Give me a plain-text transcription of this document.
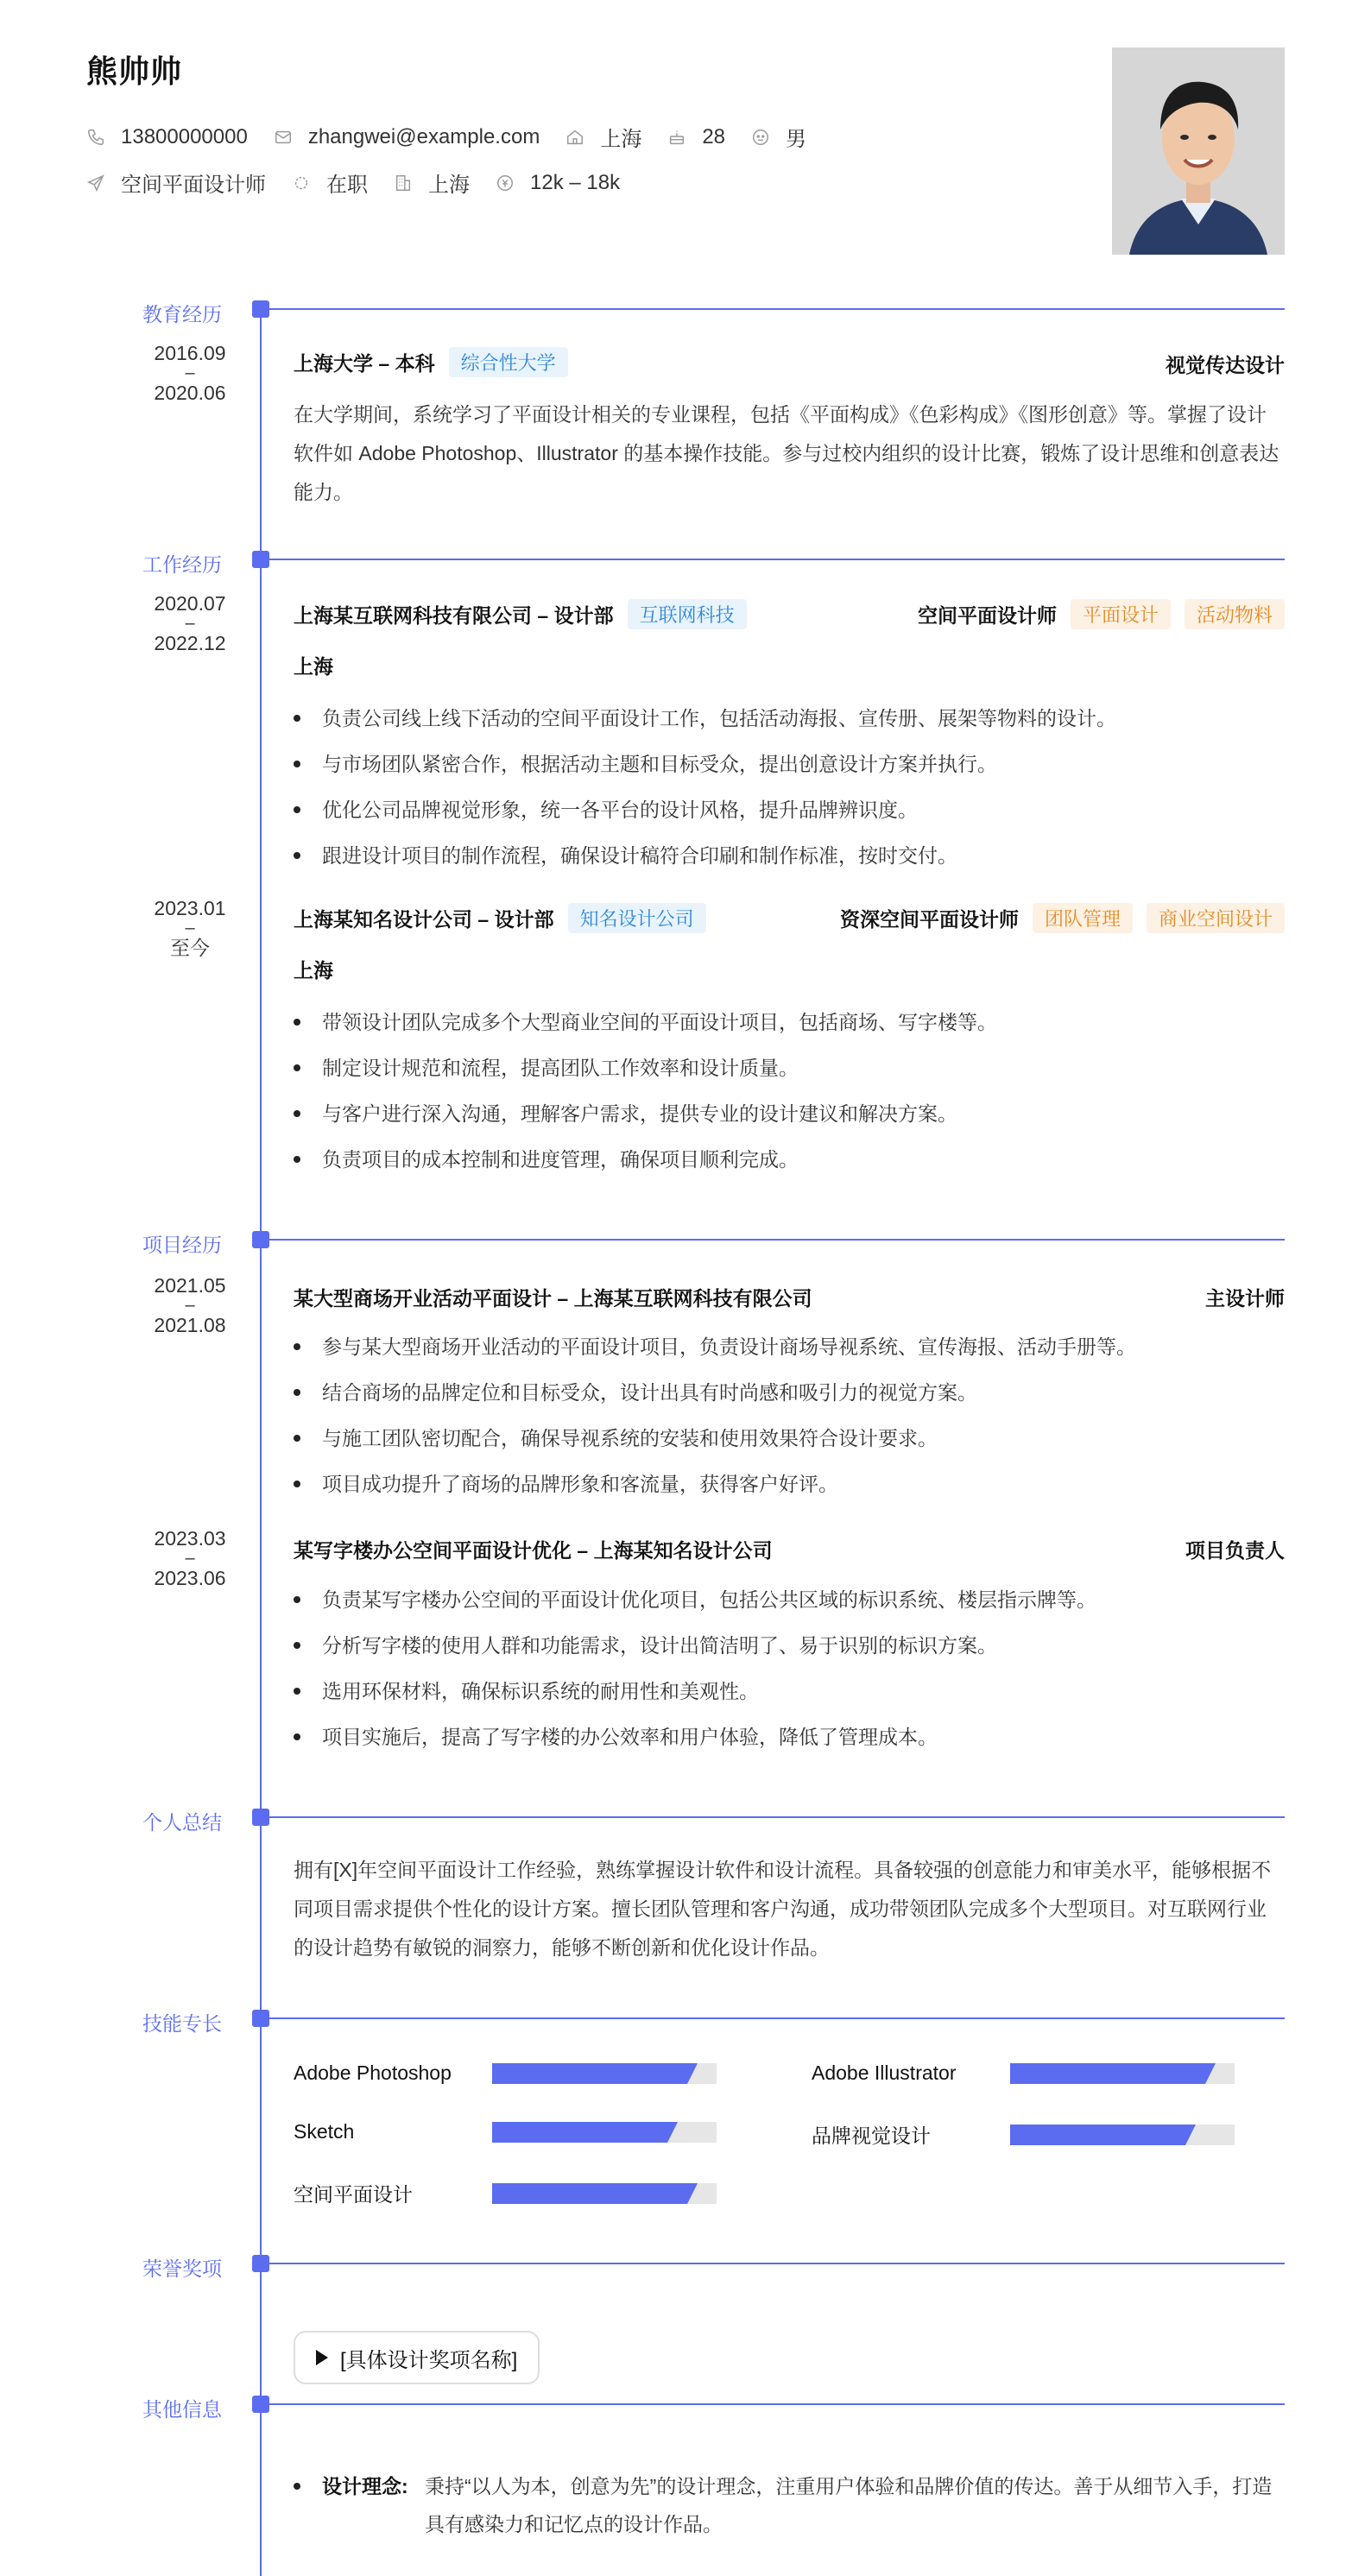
熊帅帅
13800000000	zhangwei@example.com	上海	28	男
空间平面设计师	在职	上海	12k – 18k
教育经历
2016.09
–
2020.06
上海大学 – 本科	综合性大学	视觉传达设计
在大学期间，系统学习了平面设计相关的专业课程，包括《平面构成》《色彩构成》《图形创意》等。掌握了设计软件如 Adobe Photoshop、Illustrator 的基本操作技能。参与过校内组织的设计比赛，锻炼了设计思维和创意表达能力。
工作经历
2020.07
–
2022.12
上海某互联网科技有限公司 – 设计部	互联网科技	空间平面设计师	平面设计	活动物料
上海
负责公司线上线下活动的空间平面设计工作，包括活动海报、宣传册、展架等物料的设计。
与市场团队紧密合作，根据活动主题和目标受众，提出创意设计方案并执行。
优化公司品牌视觉形象，统一各平台的设计风格，提升品牌辨识度。
跟进设计项目的制作流程，确保设计稿符合印刷和制作标准，按时交付。
2023.01
–
至今
上海某知名设计公司 – 设计部	知名设计公司	资深空间平面设计师	团队管理	商业空间设计
上海
带领设计团队完成多个大型商业空间的平面设计项目，包括商场、写字楼等。
制定设计规范和流程，提高团队工作效率和设计质量。
与客户进行深入沟通，理解客户需求，提供专业的设计建议和解决方案。
负责项目的成本控制和进度管理，确保项目顺利完成。
项目经历
2021.05
–
2021.08
某大型商场开业活动平面设计 – 上海某互联网科技有限公司	主设计师
参与某大型商场开业活动的平面设计项目，负责设计商场导视系统、宣传海报、活动手册等。
结合商场的品牌定位和目标受众，设计出具有时尚感和吸引力的视觉方案。
与施工团队密切配合，确保导视系统的安装和使用效果符合设计要求。
项目成功提升了商场的品牌形象和客流量，获得客户好评。
2023.03
–
2023.06
某写字楼办公空间平面设计优化 – 上海某知名设计公司	项目负责人
负责某写字楼办公空间的平面设计优化项目，包括公共区域的标识系统、楼层指示牌等。
分析写字楼的使用人群和功能需求，设计出简洁明了、易于识别的标识方案。
选用环保材料，确保标识系统的耐用性和美观性。
项目实施后，提高了写字楼的办公效率和用户体验，降低了管理成本。
个人总结
拥有[X]年空间平面设计工作经验，熟练掌握设计软件和设计流程。具备较强的创意能力和审美水平，能够根据不同项目需求提供个性化的设计方案。擅长团队管理和客户沟通，成功带领团队完成多个大型项目。对互联网行业的设计趋势有敏锐的洞察力，能够不断创新和优化设计作品。
技能专长
Adobe Photoshop	Adobe Illustrator
Sketch	品牌视觉设计
空间平面设计
荣誉奖项
[具体设计奖项名称]
其他信息
设计理念: 秉持“以人为本，创意为先”的设计理念，注重用户体验和品牌价值的传达。善于从细节入手，打造具有感染力和记忆点的设计作品。
